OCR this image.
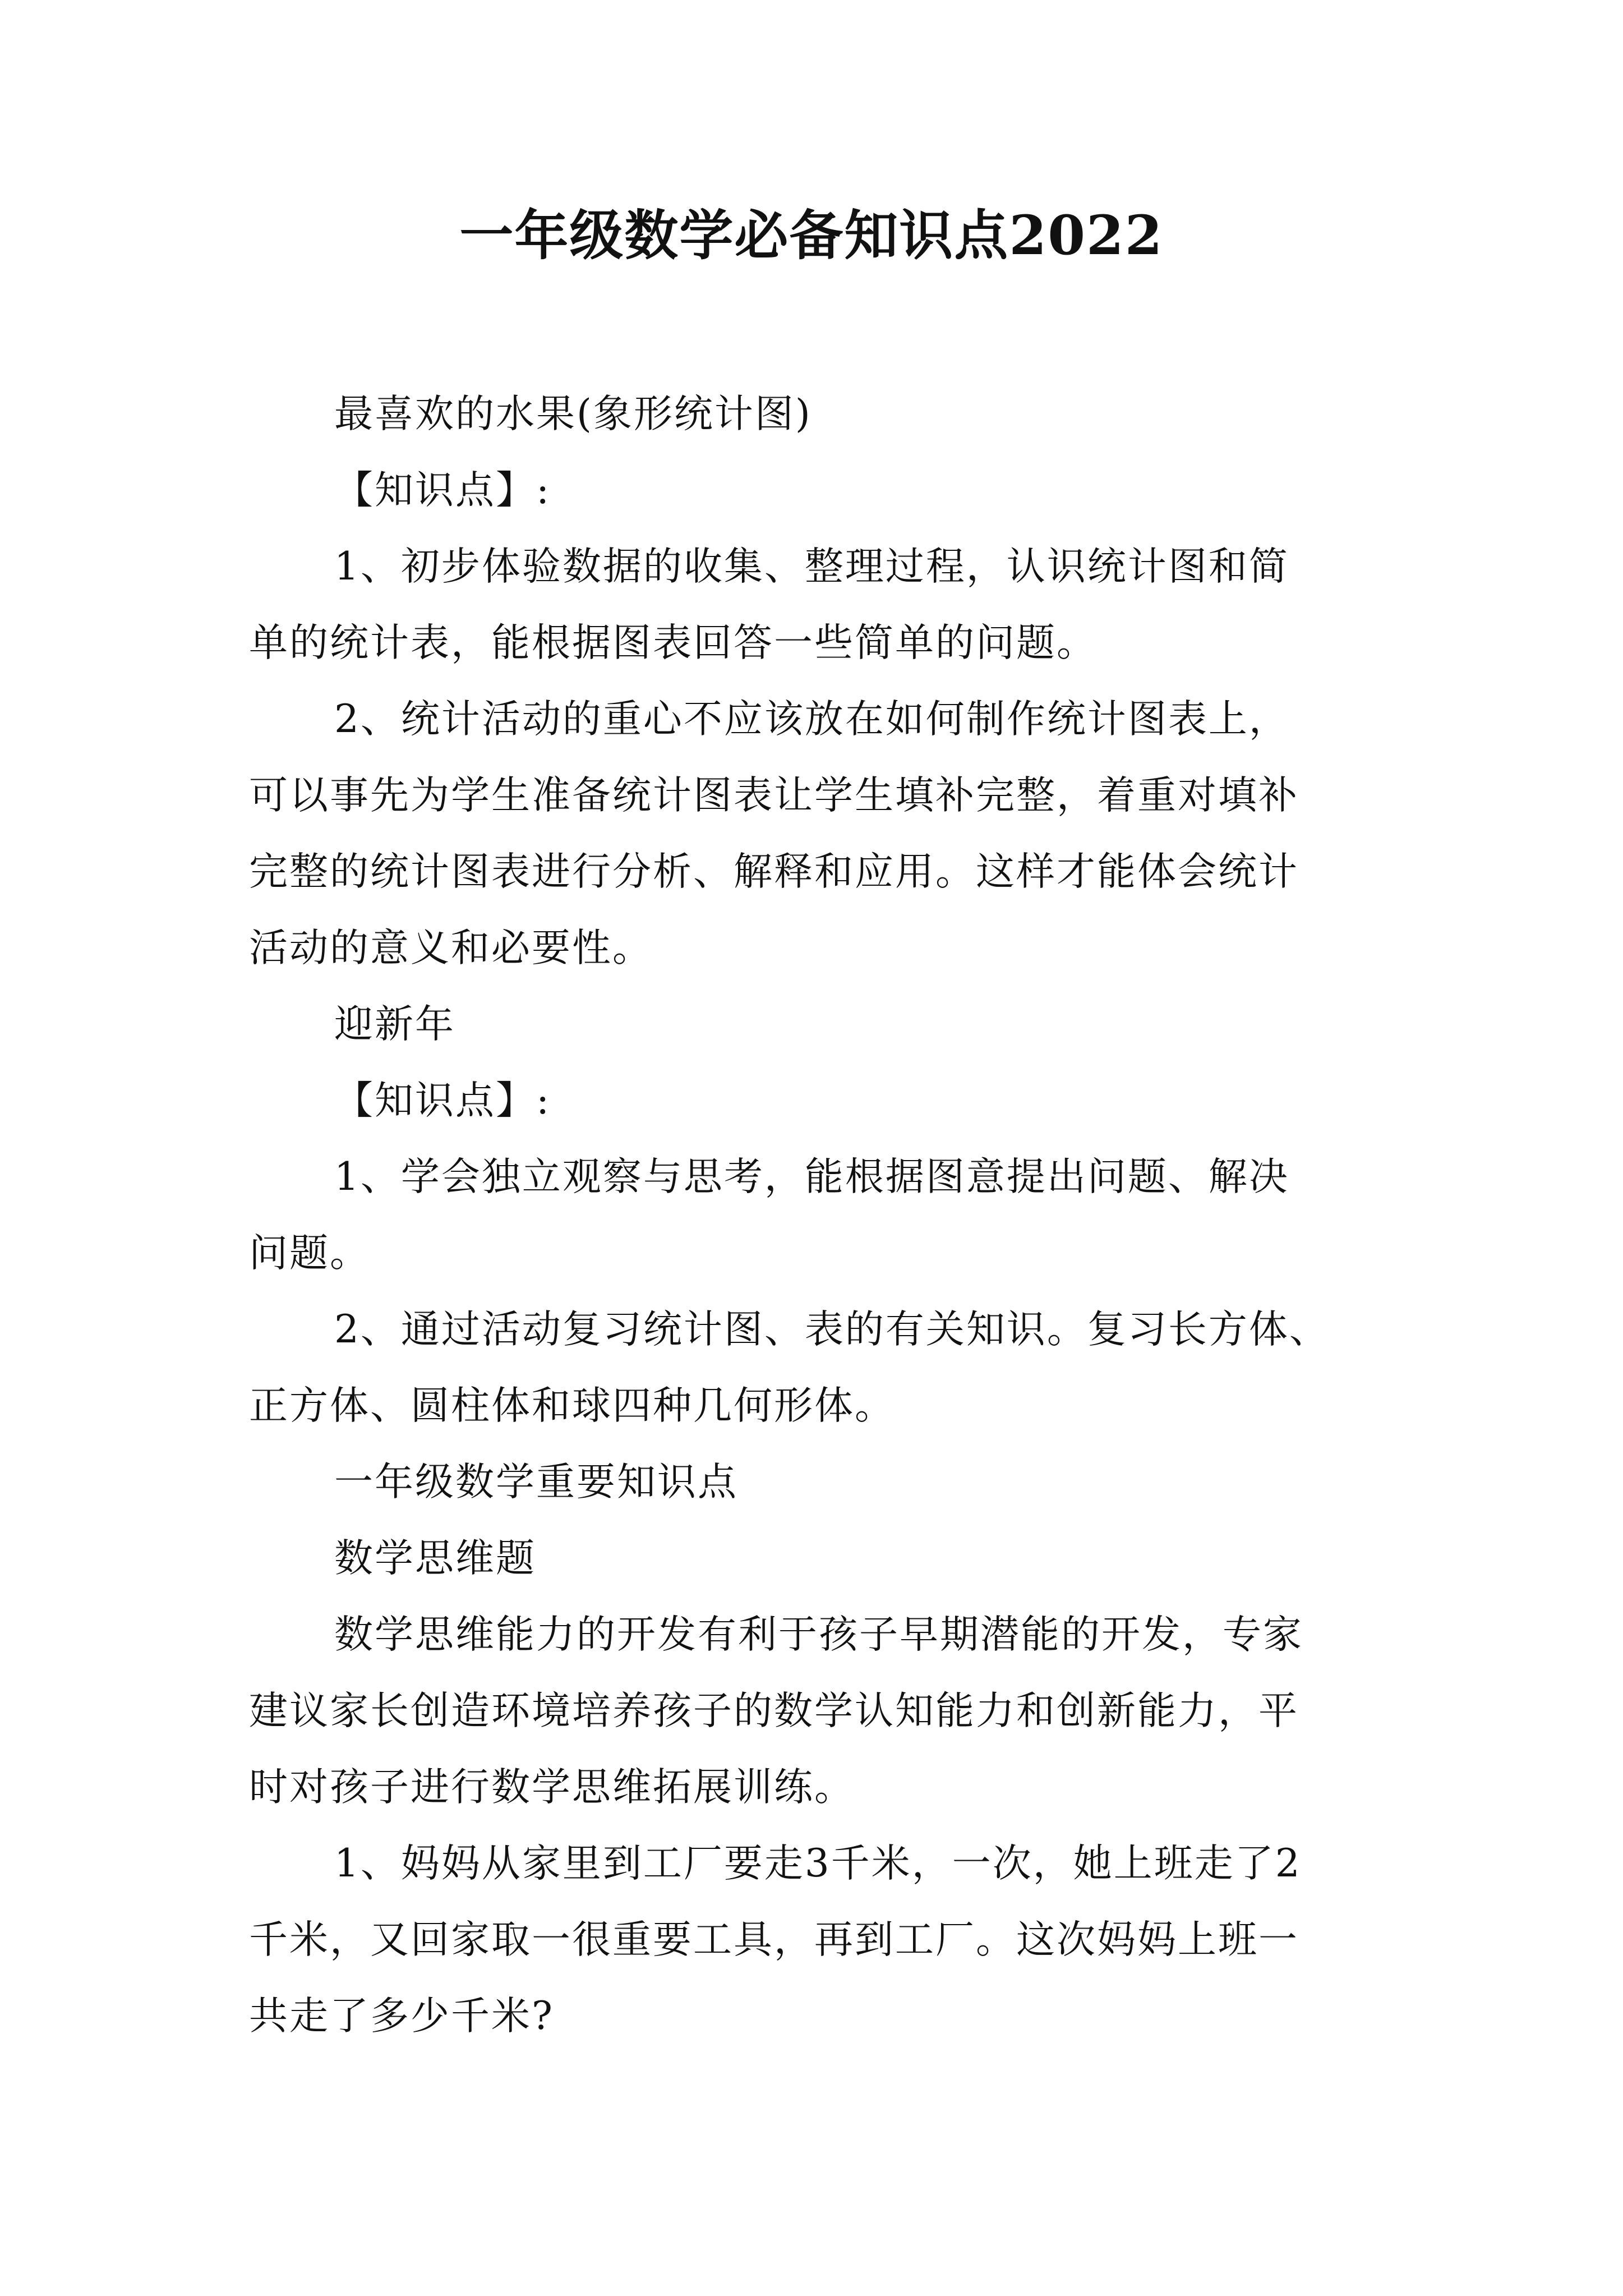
一年级数学必备知识点2022
最喜欢的水果(象形统计图)
【知识点】:
1、初步体验数据的收集、整理过程，认识统计图和简
单的统计表，能根据图表回答一些简单的问题。
2、统计活动的重心不应该放在如何制作统计图表上，
可以事先为学生准备统计图表让学生填补完整，着重对填补
完整的统计图表进行分析、解释和应用。这样才能体会统计
活动的意义和必要性。
迎新年
【知识点】:
1、学会独立观察与思考，能根据图意提出问题、解决
问题。
2、通过活动复习统计图、表的有关知识。复习长方体、
正方体、圆柱体和球四种几何形体。
一年级数学重要知识点
数学思维题
数学思维能力的开发有利于孩子早期潜能的开发，专家
建议家长创造环境培养孩子的数学认知能力和创新能力，平
时对孩子进行数学思维拓展训练。
1、妈妈从家里到工厂要走3千米，一次，她上班走了2
千米，又回家取一很重要工具，再到工厂。这次妈妈上班一
共走了多少千米?
